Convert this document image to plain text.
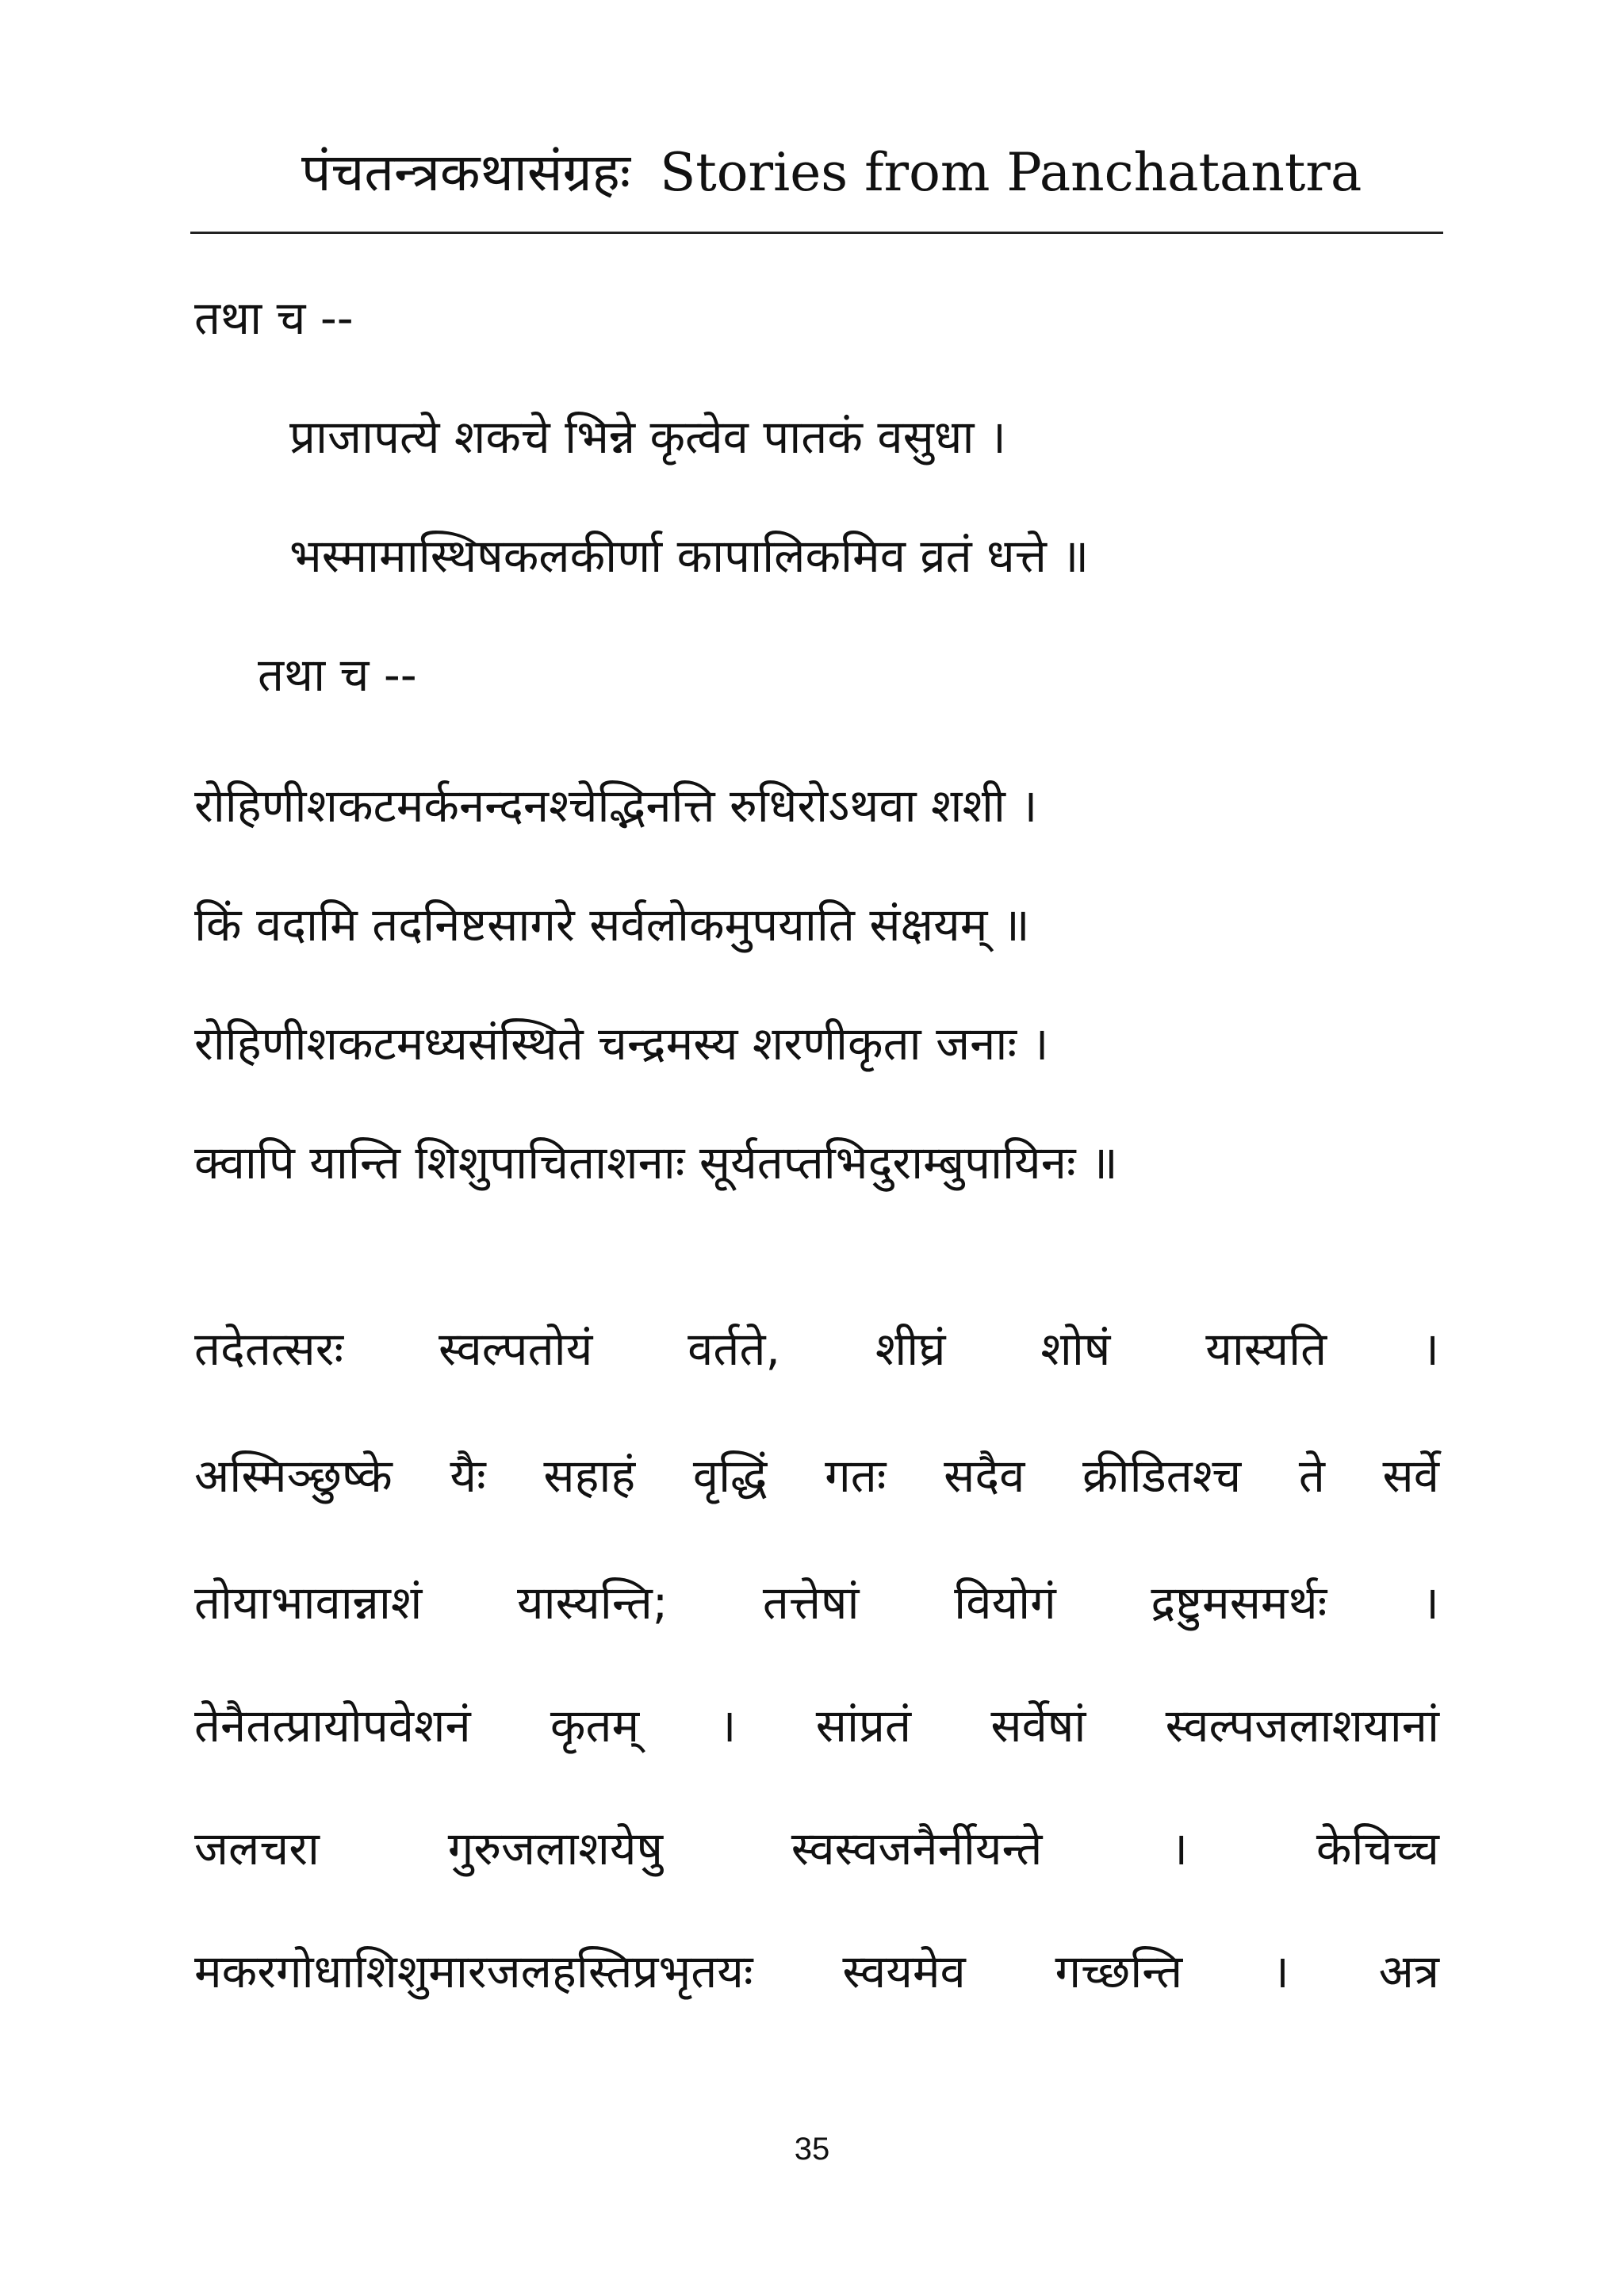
पंचतन्त्रकथासंग्रहः Stories from Panchatantra
तथा च --
प्राजापत्ये शकचे भिन्ने कृत्वेव पातकं वसुधा ।
भस्मामास्थिषकलकीर्णा कापालिकमिव व्रतं धत्ते ॥
तथा च --
रोहिणीशकटमर्कनन्दनश्चेद्भिनत्ति रुधिरोऽथवा शशी ।
किं वदामि तदनिष्टसागरे सर्वलोकमुपयाति संक्षयम् ॥
रोहिणीशकटमध्यसंस्थिते चन्द्रमस्य शरणीकृता जनाः ।
क्वापि यान्ति शिशुपाचिताशनाः सूर्यतप्तभिदुराम्बुपायिनः ॥
तदेतत्सरः स्वल्पतोयं वर्तते, शीघ्रं शोषं यास्यति ।
अस्मिञ्छुष्के यैः सहाहं वृद्धिं गतः सदैव क्रीडितश्च ते सर्वे
तोयाभावान्नाशं यास्यन्ति; तत्तेषां वियोगं द्रष्टुमसमर्थः ।
तेनैतत्प्रायोपवेशनं कृतम् । सांप्रतं सर्वेषां स्वल्पजलाशयानां
जलचरा गुरुजलाशयेषु स्वस्वजनैर्नीयन्ते । केचिच्च
मकरगोधाशिशुमारजलहस्तिप्रभृतयः स्वयमेव गच्छन्ति । अत्र
35
